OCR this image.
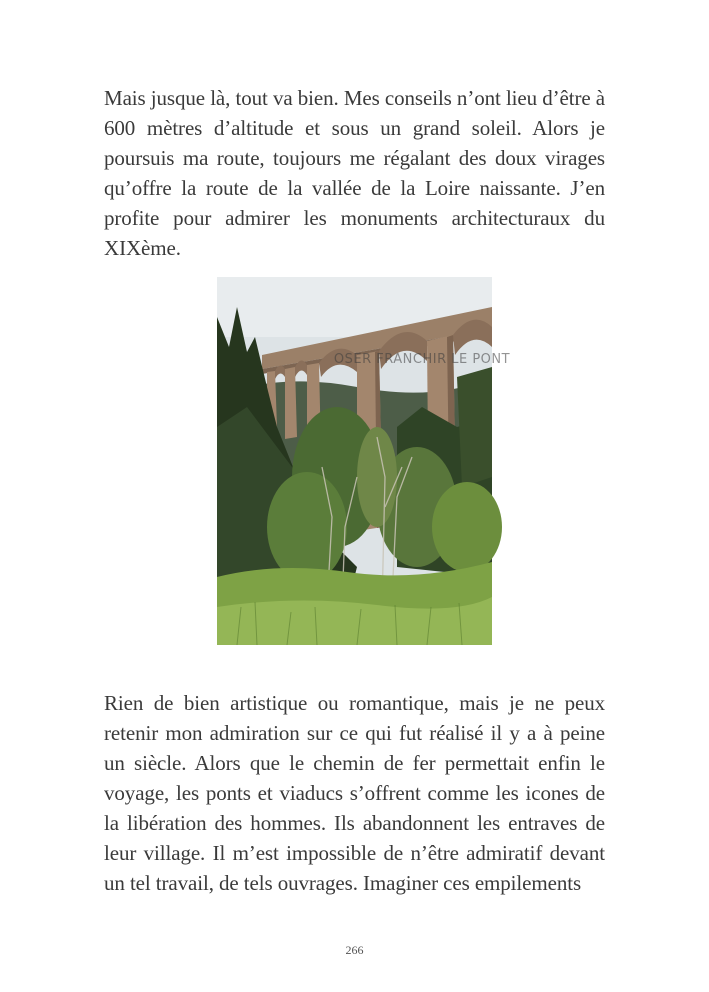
Mais jusque là, tout va bien. Mes conseils n’ont lieu d’être à 600 mètres d’altitude et sous un grand soleil. Alors je poursuis ma route, toujours me régalant des doux virages qu’offre la route de la vallée de la Loire naissante. J’en profite pour admirer les monuments architecturaux du XIXème.

OSER FRANCHIR LE PONT

Rien de bien artistique ou romantique, mais je ne peux retenir mon admiration sur ce qui fut réalisé il y a à peine un siècle. Alors que le chemin de fer permettait enfin le voyage, les ponts et viaducs s’offrent comme les icones de la libération des hommes. Ils abandonnent les entraves de leur village. Il m’est impossible de n’être admiratif devant un tel travail, de tels ouvrages. Imaginer ces empilements

266
